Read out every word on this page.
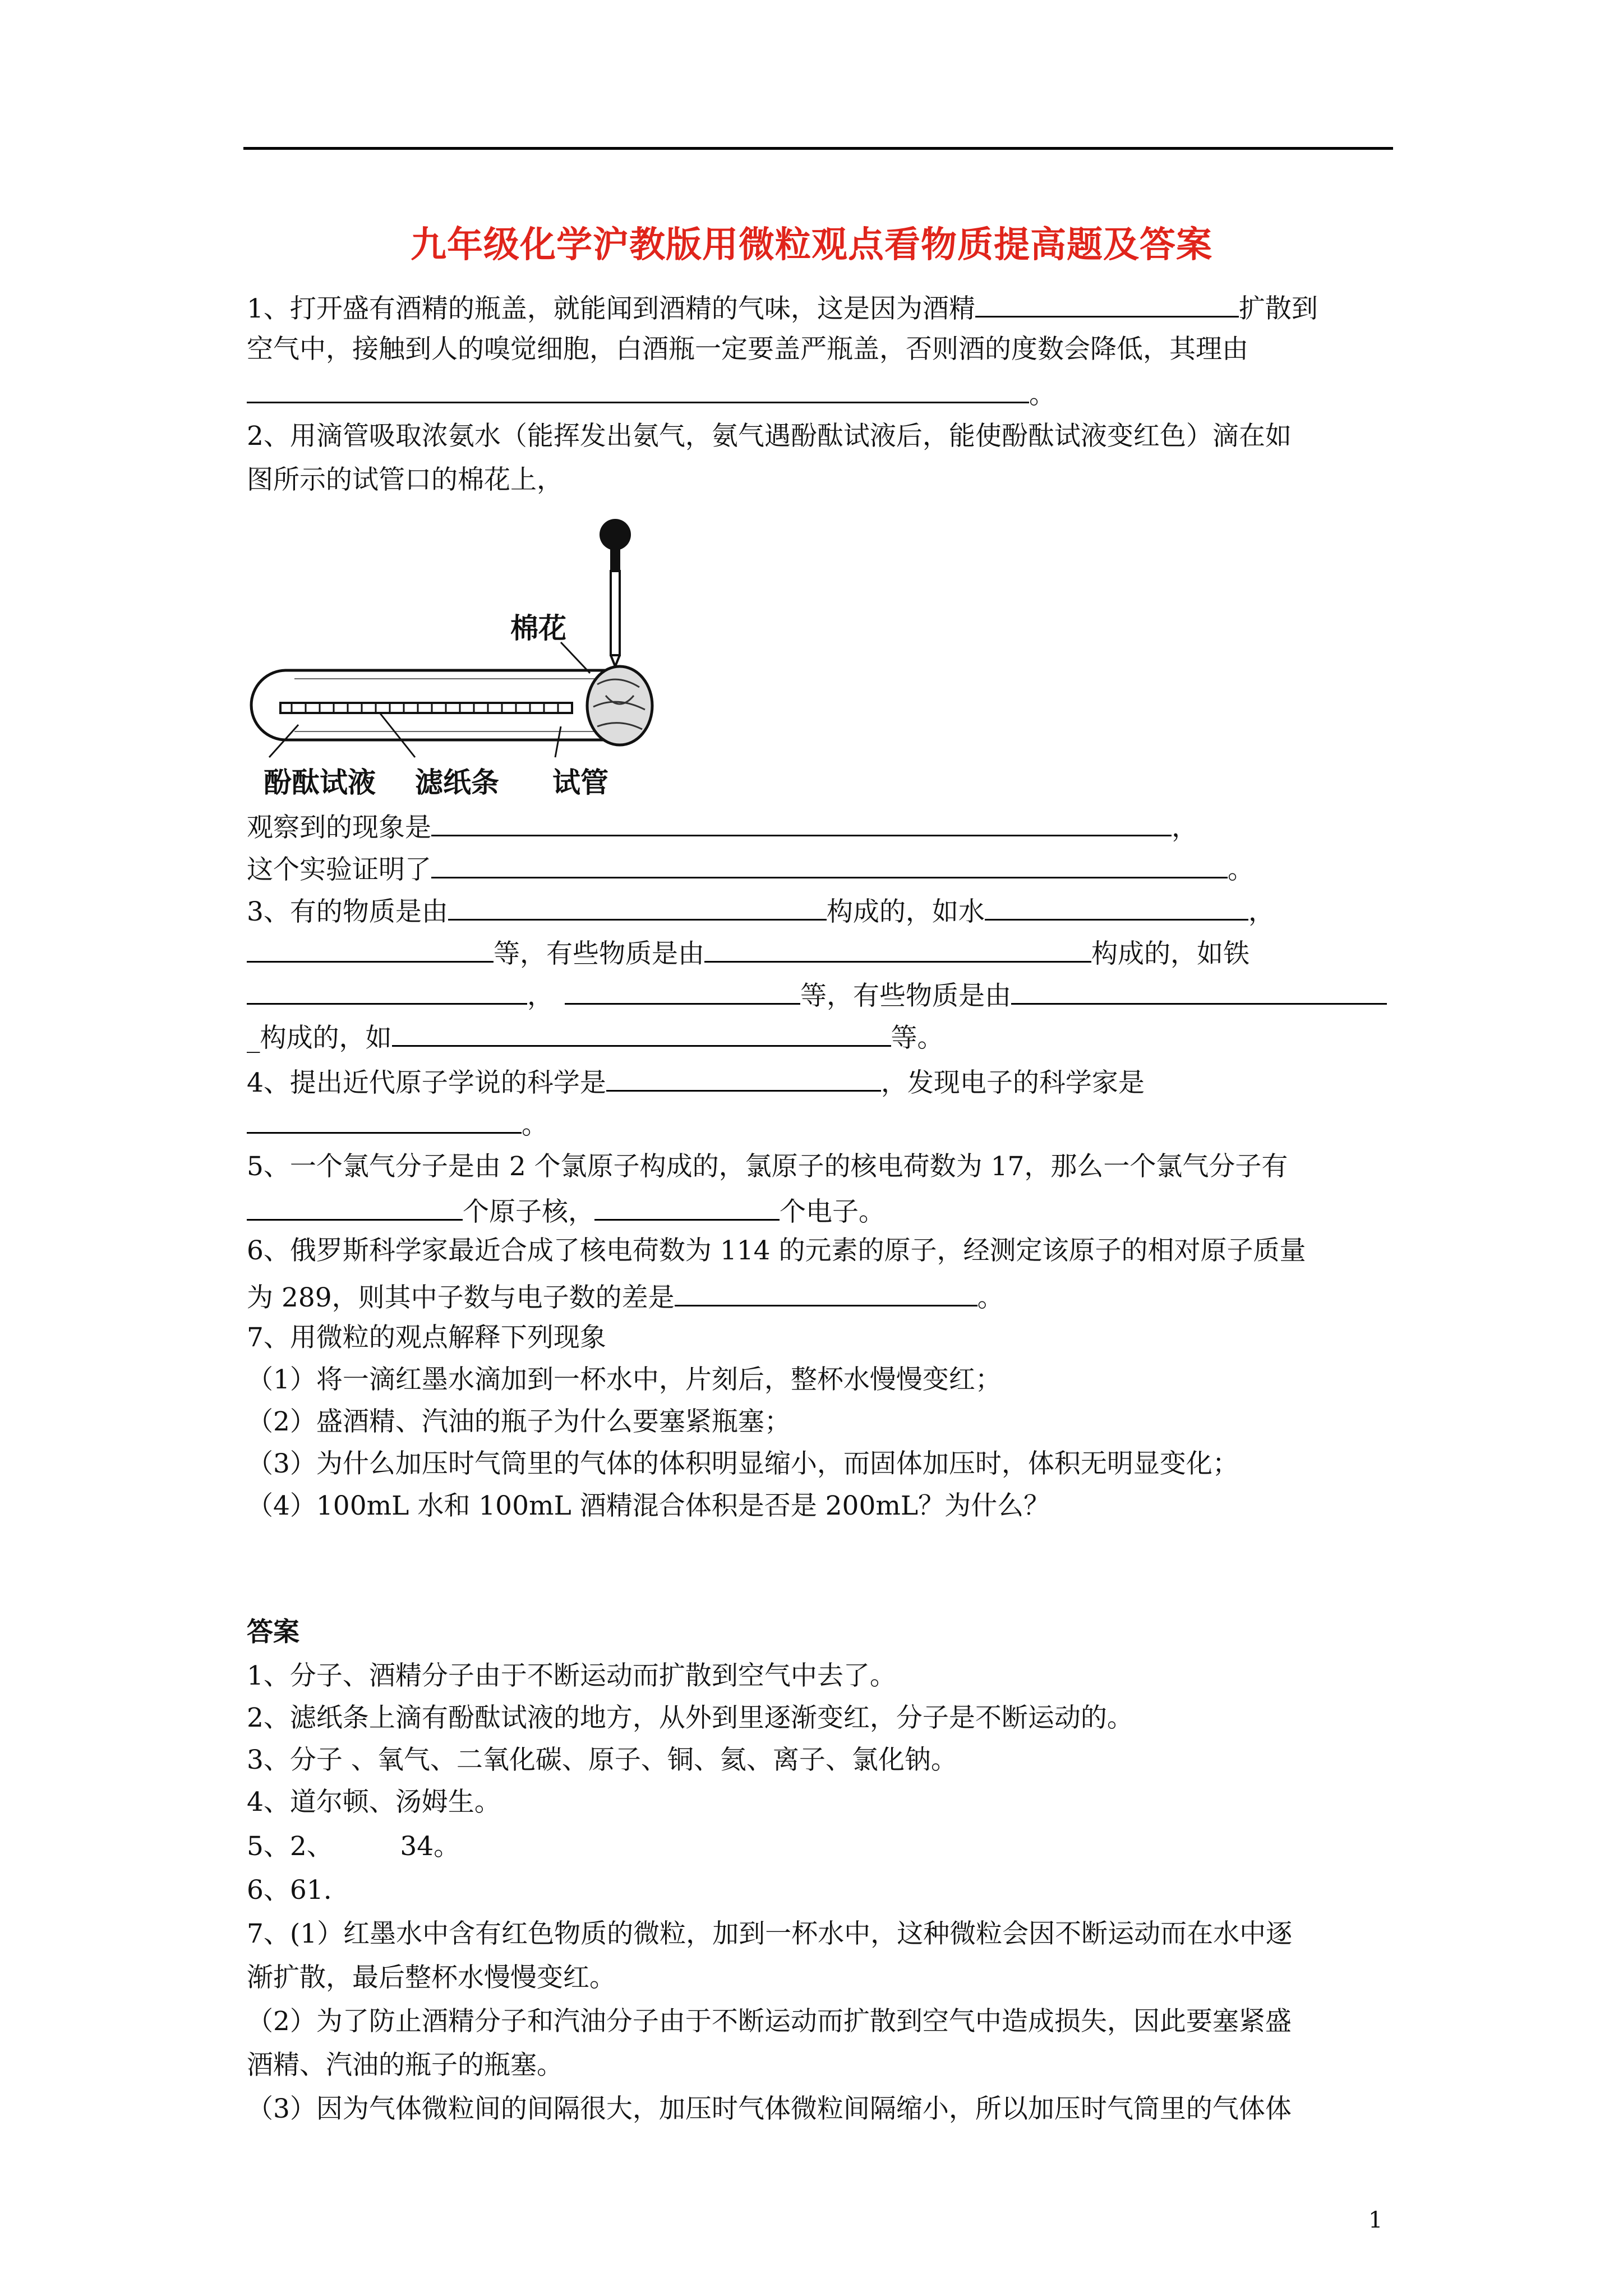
九年级化学沪教版用微粒观点看物质提高题及答案
1、打开盛有酒精的瓶盖，就能闻到酒精的气味，这是因为酒精	扩散到
空气中，接触到人的嗅觉细胞，白酒瓶一定要盖严瓶盖，否则酒的度数会降低，其理由
。
2、用滴管吸取浓氨水（能挥发出氨气，氨气遇酚酞试液后，能使酚酞试液变红色）滴在如
图所示的试管口的棉花上，
棉花
酚酞试液 滤纸条 试管
观察到的现象是	，
这个实验证明了	。
3、有的物质是由	构成的，如水	，
等，有些物质是由	构成的，如铁
，	等，有些物质是由
_构成的，如	等。
4、提出近代原子学说的科学是	，发现电子的科学家是
。
5、一个氯气分子是由 2 个氯原子构成的，氯原子的核电荷数为 17，那么一个氯气分子有
个原子核，	个电子。
6、俄罗斯科学家最近合成了核电荷数为 114 的元素的原子，经测定该原子的相对原子质量
为 289，则其中子数与电子数的差是	。
7、用微粒的观点解释下列现象
（1）将一滴红墨水滴加到一杯水中，片刻后，整杯水慢慢变红；
（2）盛酒精、汽油的瓶子为什么要塞紧瓶塞；
（3）为什么加压时气筒里的气体的体积明显缩小，而固体加压时，体积无明显变化；
（4）100mL 水和 100mL 酒精混合体积是否是 200mL？为什么？
答案
1、分子、酒精分子由于不断运动而扩散到空气中去了。
2、滤纸条上滴有酚酞试液的地方，从外到里逐渐变红，分子是不断运动的。
3、分子 、氧气、二氧化碳、原子、铜、氦、离子、氯化钠。
4、道尔顿、汤姆生。
5、2、        34。
6、61.
7、(1）红墨水中含有红色物质的微粒，加到一杯水中，这种微粒会因不断运动而在水中逐
渐扩散，最后整杯水慢慢变红。
（2）为了防止酒精分子和汽油分子由于不断运动而扩散到空气中造成损失，因此要塞紧盛
酒精、汽油的瓶子的瓶塞。
（3）因为气体微粒间的间隔很大，加压时气体微粒间隔缩小，所以加压时气筒里的气体体
1
